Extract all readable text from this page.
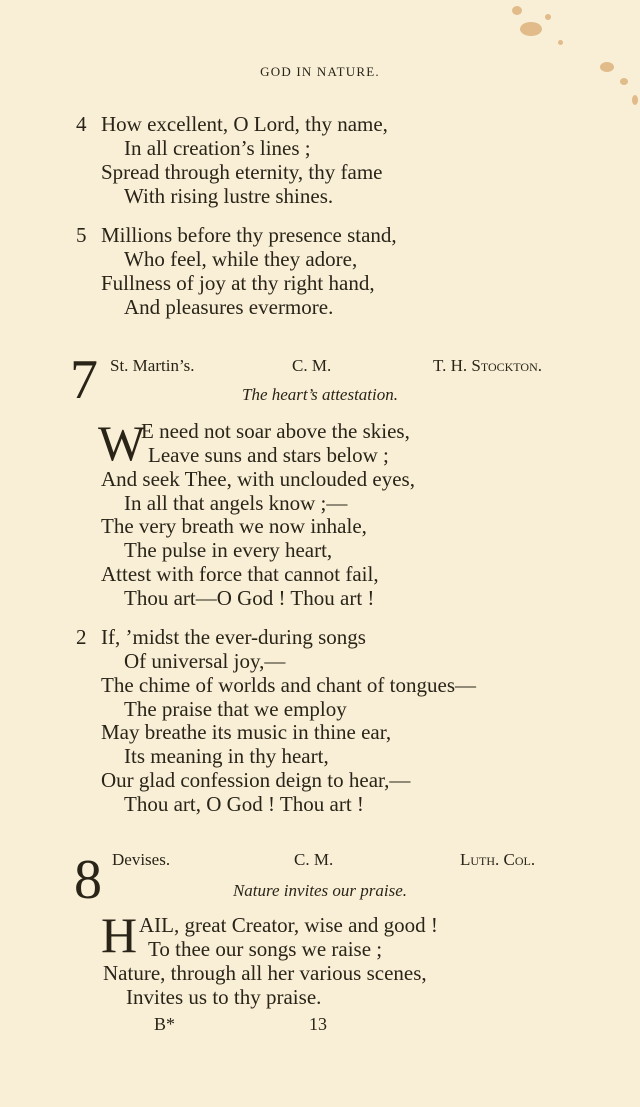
GOD IN NATURE.
4 How excellent, O Lord, thy name,
In all creation’s lines ;
Spread through eternity, thy fame
With rising lustre shines.
5 Millions before thy presence stand,
Who feel, while they adore,
Fullness of joy at thy right hand,
And pleasures evermore.
7 St. Martin’s.	C. M.	T. H. Stockton.
The heart’s attestation.
W
E need not soar above the skies,
Leave suns and stars below ;
And seek Thee, with unclouded eyes,
In all that angels know ;—
The very breath we now inhale,
The pulse in every heart,
Attest with force that cannot fail,
Thou art—O God ! Thou art !
2 If, ’midst the ever-during songs
Of universal joy,—
The chime of worlds and chant of tongues—
The praise that we employ
May breathe its music in thine ear,
Its meaning in thy heart,
Our glad confession deign to hear,—
Thou art, O God ! Thou art !
8 Devises.	C. M.	Luth. Col.
Nature invites our praise.
H AIL, great Creator, wise and good !
To thee our songs we raise ;
Nature, through all her various scenes,
Invites us to thy praise.
B*	13
